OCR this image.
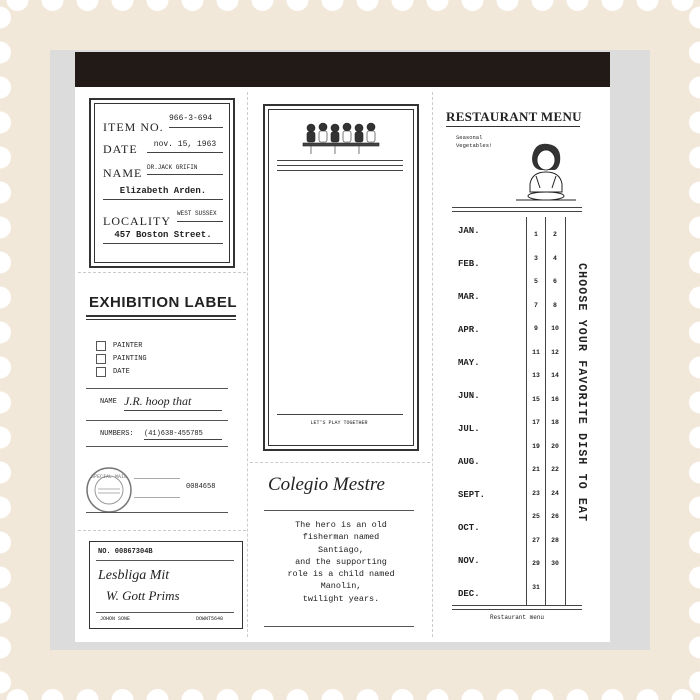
ITEM NO.
966-3-694
DATE	nov. 15, 1963
NAME DR.JACK GRIFIN
Elizabeth Arden.
LOCALITY
WEST SUSSEX
457 Boston Street.
EXHIBITION LABEL
PAINTER
PAINTING
DATE
NAME J.R. hoop that
NUMBERS: (41)638-455785
SPECIAL MAIL
0084658
NO. 00867304B
Lesbliga Mit
W. Gott Prims
JOHON SONE	DOWNT5648
LET'S PLAY TOGETHER
Colegio Mestre
The hero is an old
fisherman named
Santiago,
and the supporting
role is a child named
Manolin,
twilight years.
RESTAURANT MENU
Seasonal
Vegetables!
JAN.
FEB.
MAR.
APR.
MAY.
JUN.
JUL.
AUG.
SEPT.
OCT.
NOV.
DEC.
1	2
3	4
5	6
7	8
9	10
11	12
13	14
15	16
17	18
19	20
21	22
23	24
25	26
27	28
29	30
31
CHOOSE YOUR FAVORITE DISH TO EAT
Restaurant menu
